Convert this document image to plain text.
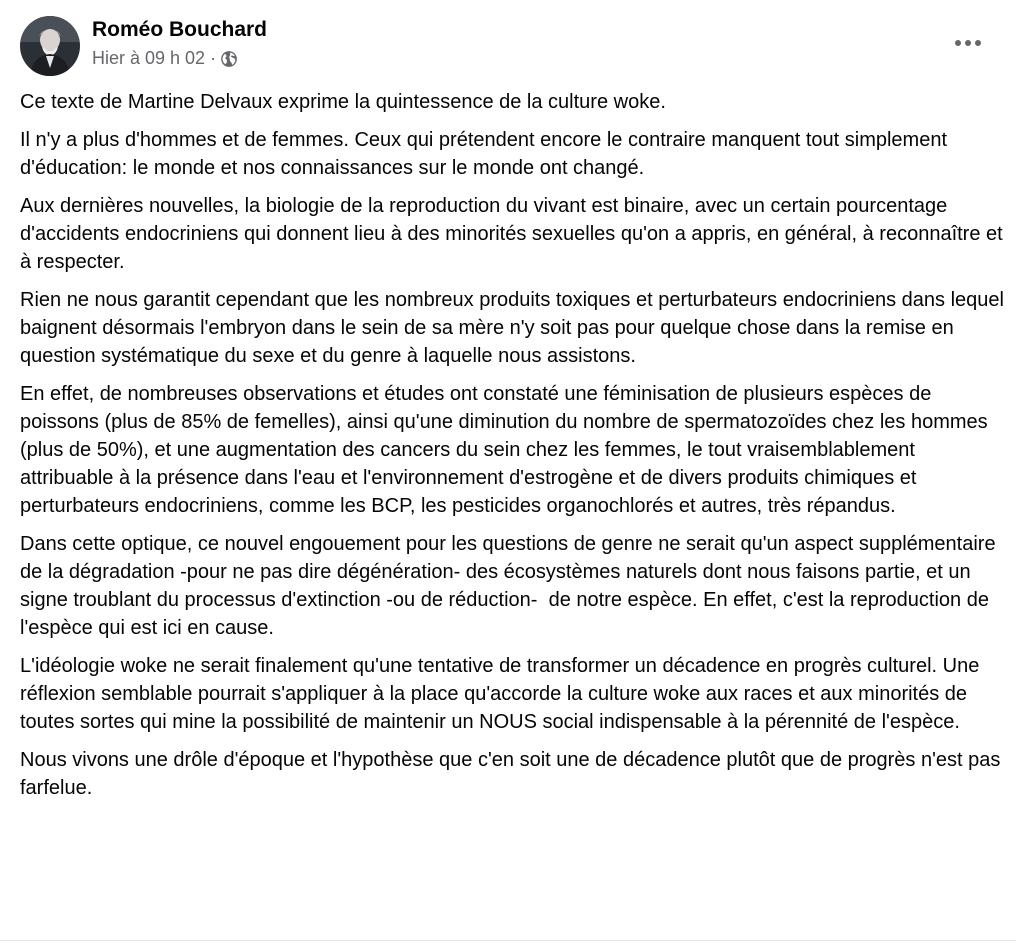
Roméo Bouchard
Hier à 09 h 02 ·

Ce texte de Martine Delvaux exprime la quintessence de la culture woke.

Il n'y a plus d'hommes et de femmes. Ceux qui prétendent encore le contraire manquent tout simplement d'éducation: le monde et nos connaissances sur le monde ont changé.

Aux dernières nouvelles, la biologie de la reproduction du vivant est binaire, avec un certain pourcentage d'accidents endocriniens qui donnent lieu à des minorités sexuelles qu'on a appris, en général, à reconnaître et à respecter.

Rien ne nous garantit cependant que les nombreux produits toxiques et perturbateurs endocriniens dans lequel baignent désormais l'embryon dans le sein de sa mère n'y soit pas pour quelque chose dans la remise en question systématique du sexe et du genre à laquelle nous assistons.

En effet, de nombreuses observations et études ont constaté une féminisation de plusieurs espèces de poissons (plus de 85% de femelles), ainsi qu'une diminution du nombre de spermatozoïdes chez les hommes (plus de 50%), et une augmentation des cancers du sein chez les femmes, le tout vraisemblablement attribuable à la présence dans l'eau et l'environnement d'estrogène et de divers produits chimiques et perturbateurs endocriniens, comme les BCP, les pesticides organochlorés et autres, très répandus.

Dans cette optique, ce nouvel engouement pour les questions de genre ne serait qu'un aspect supplémentaire de la dégradation -pour ne pas dire dégénération- des écosystèmes naturels dont nous faisons partie, et un signe troublant du processus d'extinction -ou de réduction-  de notre espèce. En effet, c'est la reproduction de l'espèce qui est ici en cause.

L'idéologie woke ne serait finalement qu'une tentative de transformer un décadence en progrès culturel. Une réflexion semblable pourrait s'appliquer à la place qu'accorde la culture woke aux races et aux minorités de toutes sortes qui mine la possibilité de maintenir un NOUS social indispensable à la pérennité de l'espèce.

Nous vivons une drôle d'époque et l'hypothèse que c'en soit une de décadence plutôt que de progrès n'est pas farfelue.
